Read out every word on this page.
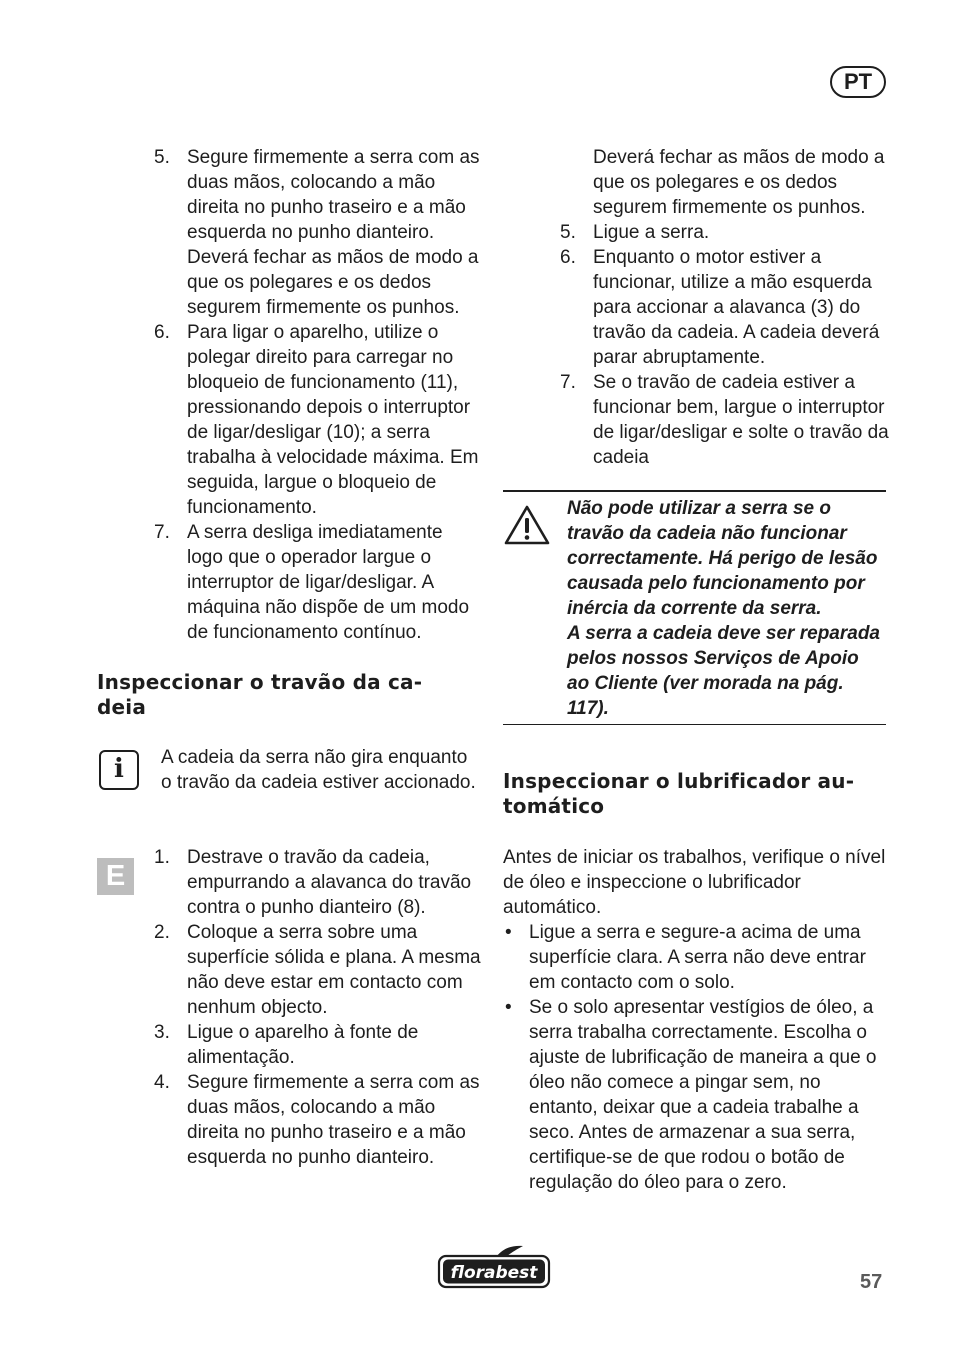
PT
5. Segure firmemente a serra com as duas mãos, colocando a mão direita no punho traseiro e a mão esquerda no punho dianteiro. Deverá fechar as mãos de modo a que os polegares e os dedos segurem firmemente os punhos.
6. Para ligar o aparelho, utilize o polegar direito para carregar no bloqueio de funcionamento (11), pressionando depois o interruptor de ligar/desligar (10); a serra trabalha à velocidade máxima. Em seguida, largue o bloqueio de funcionamento.
7. A serra desliga imediatamente logo que o operador largue o interruptor de ligar/desligar. A máquina não dispõe de um modo de funcionamento contínuo.
Inspeccionar o travão da ca-
deia
i	A cadeia da serra não gira enquanto o travão da cadeia estiver accionado.
E
1. Destrave o travão da cadeia, empurrando a alavanca do travão contra o punho dianteiro (8).
2. Coloque a serra sobre uma superfície sólida e plana. A mesma não deve estar em contacto com nenhum objecto.
3. Ligue o aparelho à fonte de alimentação.
4. Segure firmemente a serra com as duas mãos, colocando a mão direita no punho traseiro e a mão esquerda no punho dianteiro.
Deverá fechar as mãos de modo a que os polegares e os dedos segurem firmemente os punhos.
5. Ligue a serra.
6. Enquanto o motor estiver a funcionar, utilize a mão esquerda para accionar a alavanca (3) do travão da cadeia. A cadeia deverá parar abruptamente.
7. Se o travão de cadeia estiver a funcionar bem, largue o interruptor de ligar/desligar e solte o travão da cadeia
Não pode utilizar a serra se o travão da cadeia não funcionar correctamente. Há perigo de lesão causada pelo funcionamento por inércia da corrente da serra.
A serra a cadeia deve ser reparada pelos nossos Serviços de Apoio ao Cliente (ver morada na pág. 117).
Inspeccionar o lubrificador au-
tomático
Antes de iniciar os trabalhos, verifique o nível de óleo e inspeccione o lubrificador automático.
• Ligue a serra e segure-a acima de uma superfície clara. A serra não deve entrar em contacto com o solo.
• Se o solo apresentar vestígios de óleo, a serra trabalha correctamente. Escolha o ajuste de lubrificação de maneira a que o óleo não comece a pingar sem, no entanto, deixar que a cadeia trabalhe a seco. Antes de armazenar a sua serra, certifique-se de que rodou o botão de regulação do óleo para o zero.
florabest	57
